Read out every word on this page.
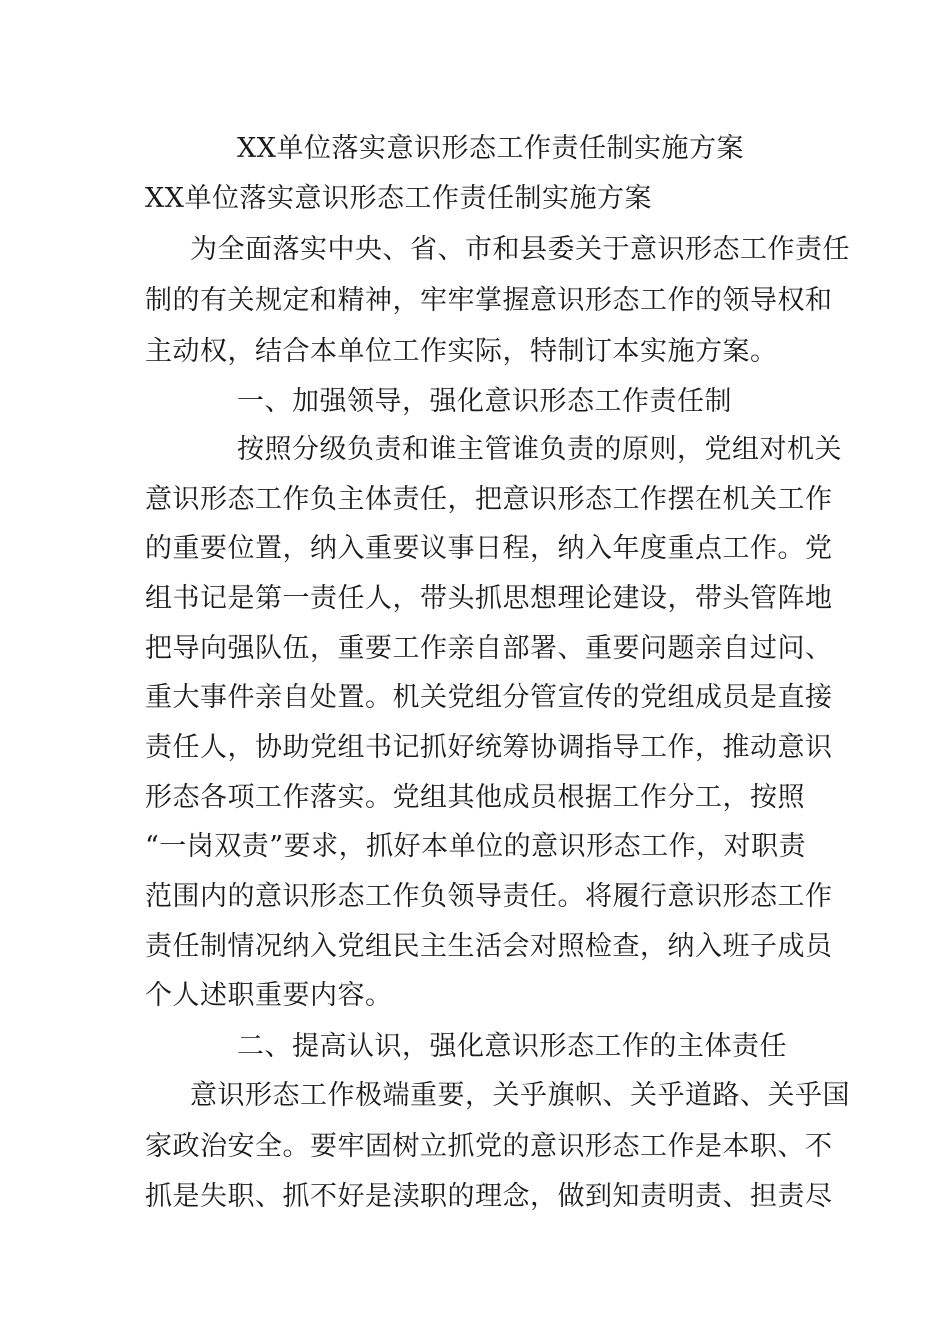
XX单位落实意识形态工作责任制实施方案
XX单位落实意识形态工作责任制实施方案
为全面落实中央、省、市和县委关于意识形态工作责任
制的有关规定和精神，牢牢掌握意识形态工作的领导权和
主动权，结合本单位工作实际，特制订本实施方案。
一、加强领导，强化意识形态工作责任制
按照分级负责和谁主管谁负责的原则，党组对机关
意识形态工作负主体责任，把意识形态工作摆在机关工作
的重要位置，纳入重要议事日程，纳入年度重点工作。党
组书记是第一责任人，带头抓思想理论建设，带头管阵地
把导向强队伍，重要工作亲自部署、重要问题亲自过问、
重大事件亲自处置。机关党组分管宣传的党组成员是直接
责任人，协助党组书记抓好统筹协调指导工作，推动意识
形态各项工作落实。党组其他成员根据工作分工，按照
“一岗双责”要求，抓好本单位的意识形态工作，对职责
范围内的意识形态工作负领导责任。将履行意识形态工作
责任制情况纳入党组民主生活会对照检查，纳入班子成员
个人述职重要内容。
二、提高认识，强化意识形态工作的主体责任
意识形态工作极端重要，关乎旗帜、关乎道路、关乎国
家政治安全。要牢固树立抓党的意识形态工作是本职、不
抓是失职、抓不好是渎职的理念，做到知责明责、担责尽
